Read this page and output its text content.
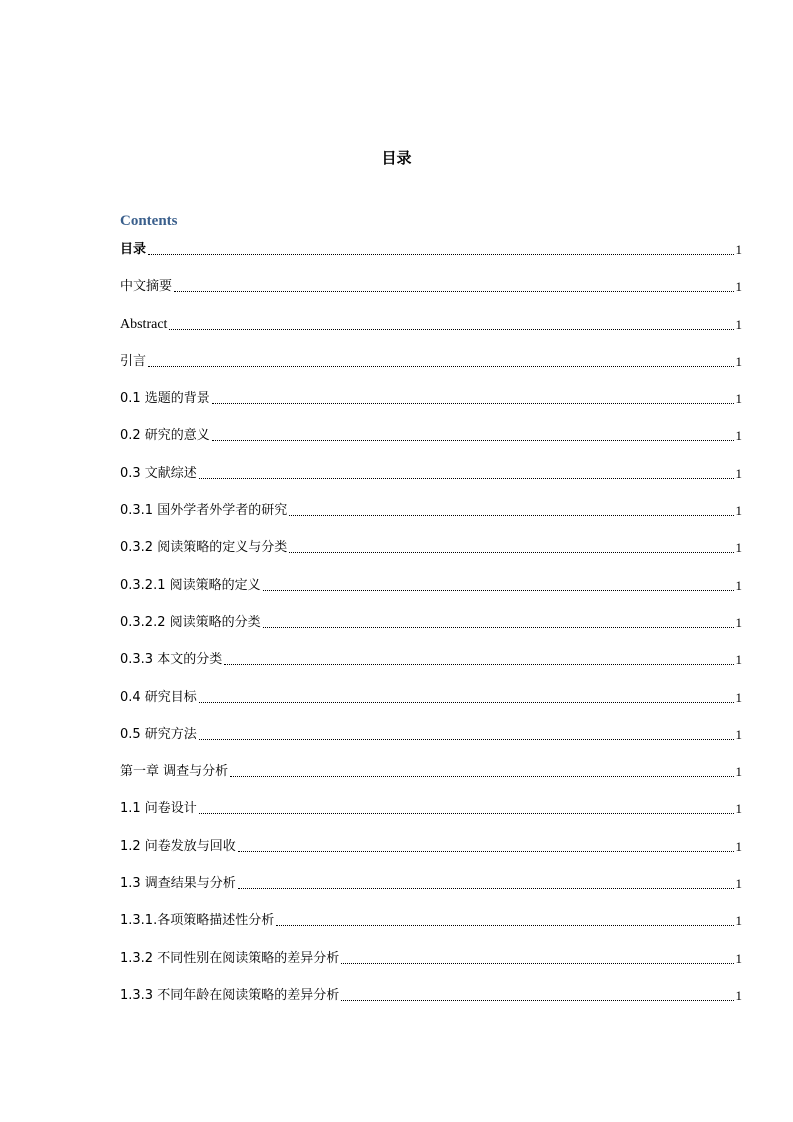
目录
Contents
目录	1
中文摘要	1
Abstract	1
引言	1
0.1 选题的背景	1
0.2 研究的意义	1
0.3 文献综述	1
0.3.1 国外学者外学者的研究	1
0.3.2 阅读策略的定义与分类	1
0.3.2.1 阅读策略的定义	1
0.3.2.2 阅读策略的分类	1
0.3.3 本文的分类	1
0.4 研究目标	1
0.5 研究方法	1
第一章 调查与分析	1
1.1 问卷设计	1
1.2 问卷发放与回收	1
1.3 调查结果与分析	1
1.3.1.各项策略描述性分析	1
1.3.2 不同性别在阅读策略的差异分析	1
1.3.3 不同年龄在阅读策略的差异分析	1
